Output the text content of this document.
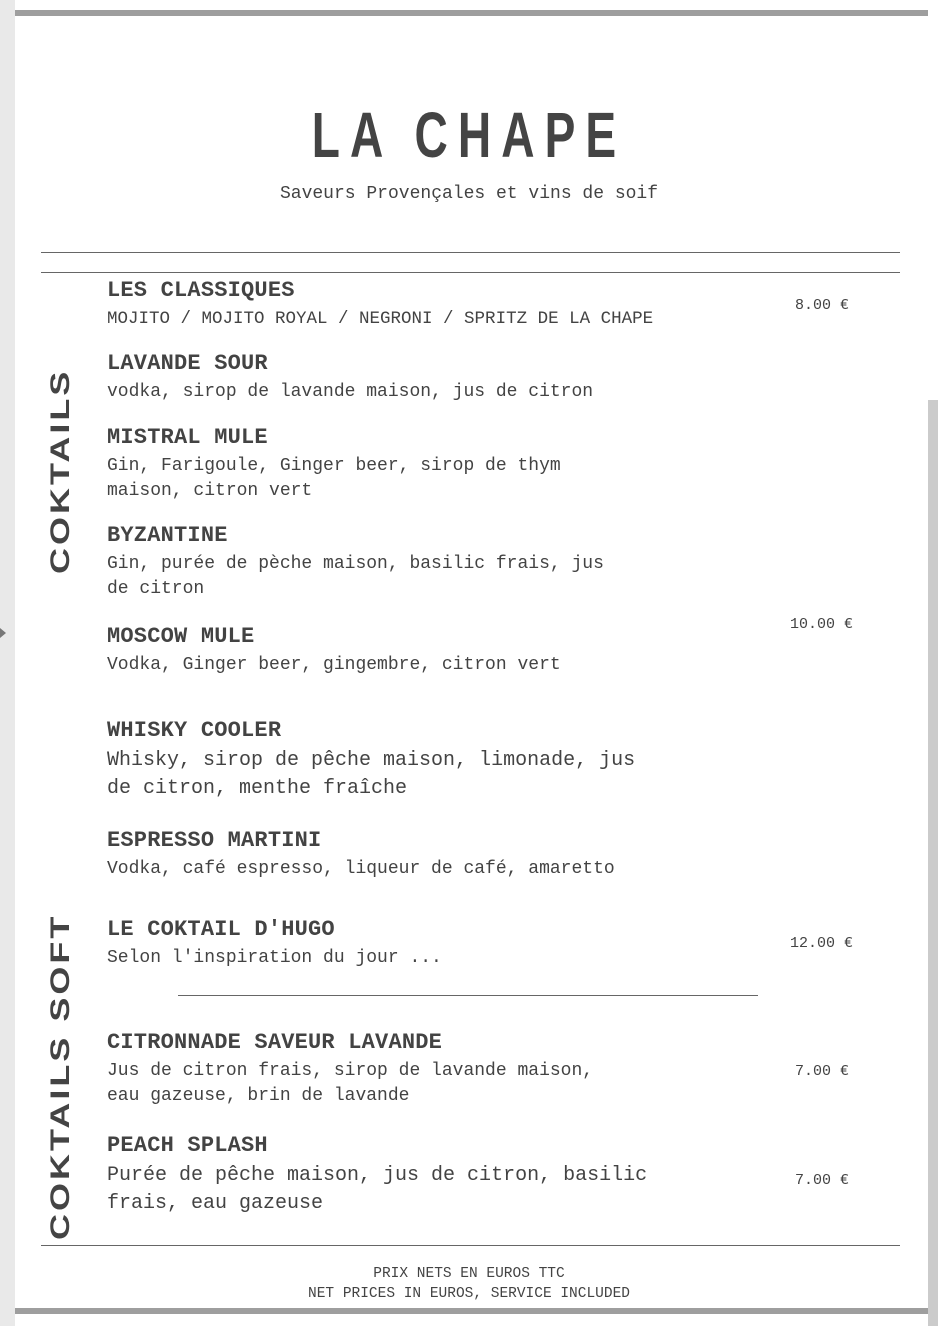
LA CHAPE
Saveurs Provençales et vins de soif
COKTAILS
COKTAILS SOFT
LES CLASSIQUES

MOJITO / MOJITO ROYAL / NEGRONI / SPRITZ DE LA CHAPE

LAVANDE SOUR

vodka, sirop de lavande maison, jus de citron

MISTRAL MULE

Gin, Farigoule, Ginger beer, sirop de thym
maison, citron vert

BYZANTINE

Gin, purée de pèche maison, basilic frais, jus
de citron

MOSCOW MULE

Vodka, Ginger beer, gingembre, citron vert

WHISKY COOLER

Whisky, sirop de pêche maison, limonade, jus
de citron, menthe fraîche

ESPRESSO MARTINI

Vodka, café espresso, liqueur de café, amaretto

LE COKTAIL D'HUGO

Selon l'inspiration du jour ...

CITRONNADE SAVEUR LAVANDE

Jus de citron frais, sirop de lavande maison,
eau gazeuse, brin de lavande

PEACH SPLASH

Purée de pêche maison, jus de citron, basilic
frais, eau gazeuse

8.00 €
10.00 €
12.00 €
7.00 €
7.00 €
PRIX NETS EN EUROS TTC
NET PRICES IN EUROS, SERVICE INCLUDED
